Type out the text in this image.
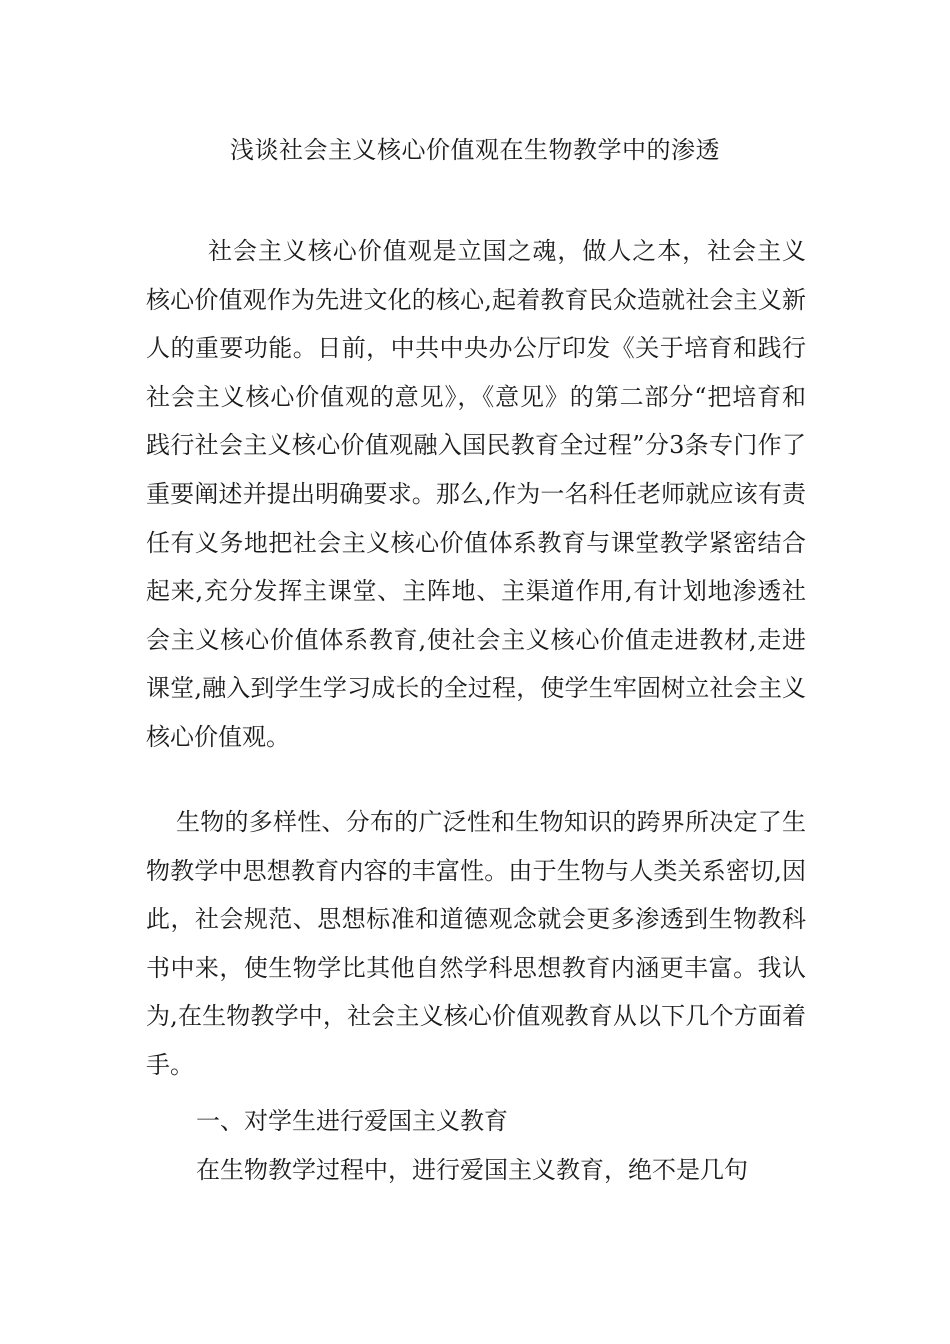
浅谈社会主义核心价值观在生物教学中的渗透

社会主义核心价值观是立国之魂，做人之本，社会主义核心价值观作为先进文化的核心,起着教育民众造就社会主义新人的重要功能。日前，中共中央办公厅印发《关于培育和践行社会主义核心价值观的意见》，《意见》的第二部分“把培育和践行社会主义核心价值观融入国民教育全过程”分3条专门作了重要阐述并提出明确要求。那么,作为一名科任老师就应该有责任有义务地把社会主义核心价值体系教育与课堂教学紧密结合起来,充分发挥主课堂、主阵地、主渠道作用,有计划地渗透社会主义核心价值体系教育,使社会主义核心价值走进教材,走进课堂,融入到学生学习成长的全过程，使学生牢固树立社会主义核心价值观。

生物的多样性、分布的广泛性和生物知识的跨界所决定了生物教学中思想教育内容的丰富性。由于生物与人类关系密切,因此，社会规范、思想标准和道德观念就会更多渗透到生物教科书中来，使生物学比其他自然学科思想教育内涵更丰富。我认为,在生物教学中，社会主义核心价值观教育从以下几个方面着手。

一、对学生进行爱国主义教育

在生物教学过程中，进行爱国主义教育，绝不是几句
